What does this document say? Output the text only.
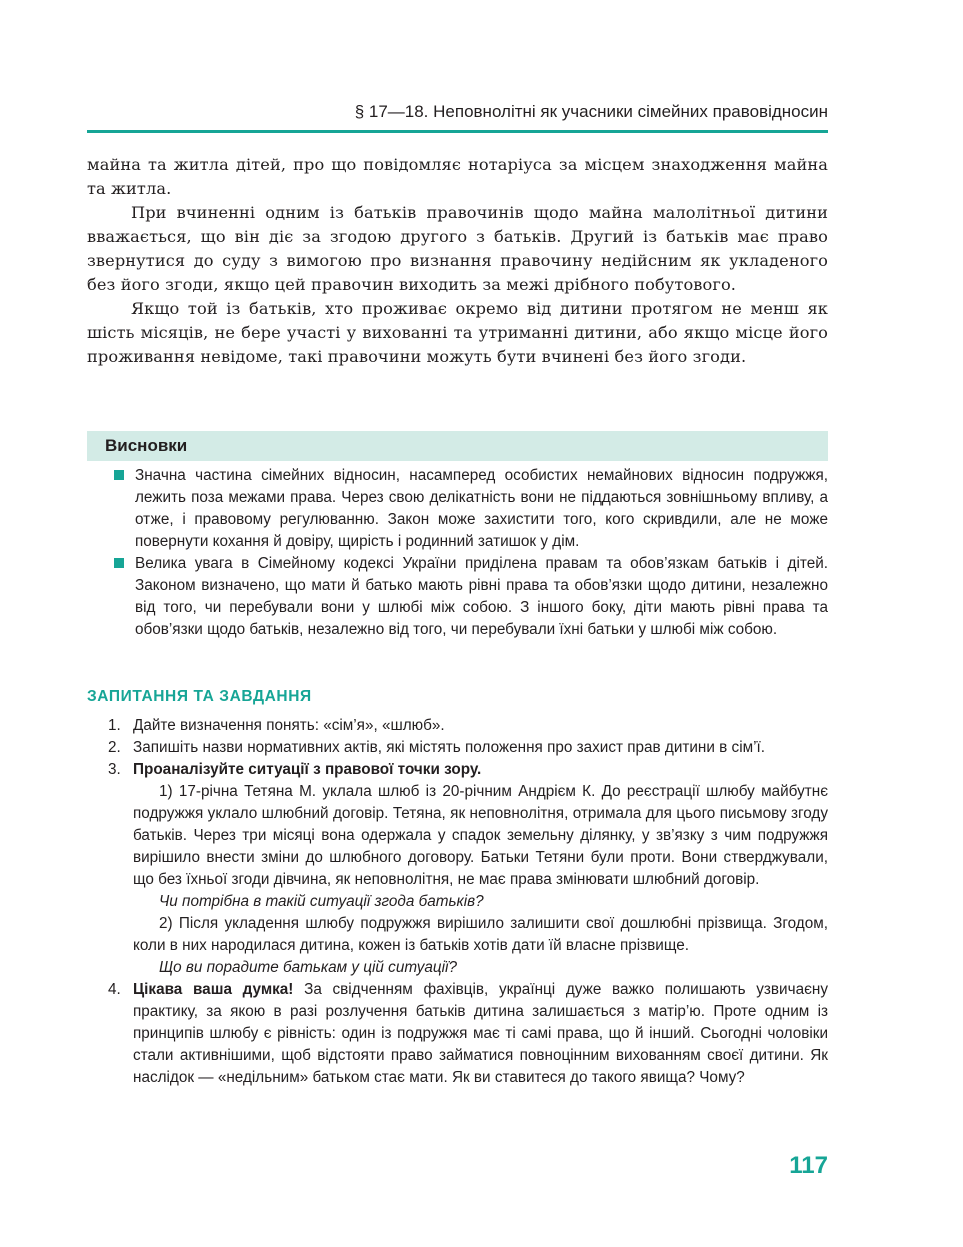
§ 17—18. Неповнолітні як учасники сімейних правовідносин

майна та житла дітей, про що повідомляє нотаріуса за місцем знаходження майна та житла.

При вчиненні одним із батьків правочинів щодо майна малолітньої дитини вважається, що він діє за згодою другого з батьків. Другий із батьків має право звернутися до суду з вимогою про визнання правочину недійсним як укладеного без його згоди, якщо цей правочин виходить за межі дрібного побутового.

Якщо той із батьків, хто проживає окремо від дитини протягом не менш як шість місяців, не бере участі у вихованні та утриманні дитини, або якщо місце його проживання невідоме, такі правочини можуть бути вчинені без його згоди.

Висновки
Значна частина сімейних відносин, насамперед особистих немайнових відносин подружжя, лежить поза межами права. Через свою делікатність вони не піддаються зовнішньому впливу, а отже, і правовому регулюванню. Закон може захистити того, кого скривдили, але не може повернути кохання й довіру, щирість і родинний затишок у дім.
Велика увага в Сімейному кодексі України приділена правам та обов’язкам батьків і дітей. Законом визначено, що мати й батько мають рівні права та обов’язки щодо дитини, незалежно від того, чи перебували вони у шлюбі між собою. З іншого боку, діти мають рівні права та обов’язки щодо батьків, незалежно від того, чи перебували їхні батьки у шлюбі між собою.
ЗАПИТАННЯ ТА ЗАВДАННЯ
1. Дайте визначення понять: «сім’я», «шлюб».
2. Запишіть назви нормативних актів, які містять положення про захист прав дитини в сім’ї.
3. Проаналізуйте ситуації з правової точки зору.

1) 17-річна Тетяна М. уклала шлюб із 20-річним Андрієм К. До реєстрації шлюбу майбутнє подружжя уклало шлюбний договір. Тетяна, як неповнолітня, отримала для цього письмову згоду батьків. Через три місяці вона одержала у спадок земельну ділянку, у зв’язку з чим подружжя вирішило внести зміни до шлюбного договору. Батьки Тетяни були проти. Вони стверджували, що без їхньої згоди дівчина, як неповнолітня, не має права змінювати шлюбний договір.

Чи потрібна в такій ситуації згода батьків?

2) Після укладення шлюбу подружжя вирішило залишити свої дошлюбні прізвища. Згодом, коли в них народилася дитина, кожен із батьків хотів дати їй власне прізвище.

Що ви порадите батькам у цій ситуації?

4. Цікава ваша думка! За свідченням фахівців, українці дуже важко полишають узвичаєну практику, за якою в разі розлучення батьків дитина залишається з матір’ю. Проте одним із принципів шлюбу є рівність: один із подружжя має ті самі права, що й інший. Сьогодні чоловіки стали активнішими, щоб відстояти право займатися повноцінним вихованням своєї дитини. Як наслідок — «недільним» батьком стає мати. Як ви ставитеся до такого явища? Чому?
117
